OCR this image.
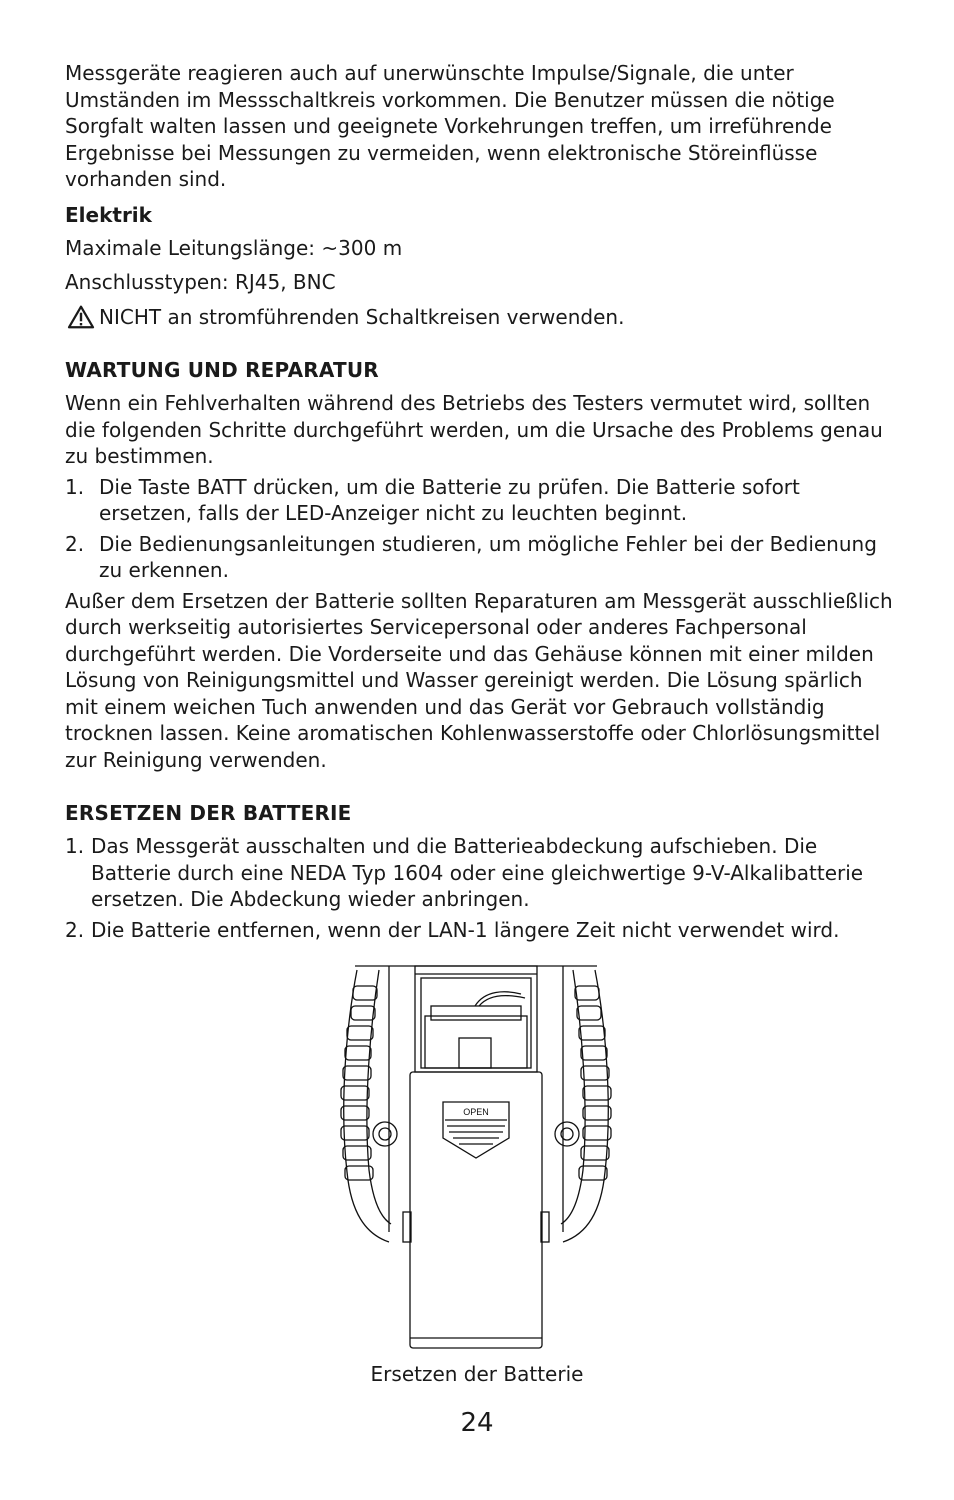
Messgeräte reagieren auch auf unerwünschte Impulse/Signale, die unter Umständen im Messschaltkreis vorkommen. Die Benutzer müssen die nötige Sorgfalt walten lassen und geeignete Vorkehrungen treffen, um irreführende Ergebnisse bei Messungen zu vermeiden, wenn elektronische Störeinflüsse vorhanden sind.

Elektrik

Maximale Leitungslänge: ~300 m

Anschlusstypen: RJ45, BNC

NICHT an stromführenden Schaltkreisen verwenden.

WARTUNG UND REPARATUR

Wenn ein Fehlverhalten während des Betriebs des Testers vermutet wird, sollten die folgenden Schritte durchgeführt werden, um die Ursache des Problems genau zu bestimmen.

1. Die Taste BATT drücken, um die Batterie zu prüfen. Die Batterie sofort ersetzen, falls der LED-Anzeiger nicht zu leuchten beginnt.
2. Die Bedienungsanleitungen studieren, um mögliche Fehler bei der Bedienung zu erkennen.

Außer dem Ersetzen der Batterie sollten Reparaturen am Messgerät ausschließlich durch werkseitig autorisiertes Servicepersonal oder anderes Fachpersonal durchgeführt werden. Die Vorderseite und das Gehäuse können mit einer milden Lösung von Reinigungsmittel und Wasser gereinigt werden. Die Lösung spärlich mit einem weichen Tuch anwenden und das Gerät vor Gebrauch vollständig trocknen lassen. Keine aromatischen Kohlenwasserstoffe oder Chlorlösungsmittel zur Reinigung verwenden.

ERSETZEN DER BATTERIE
1. Das Messgerät ausschalten und die Batterieabdeckung aufschieben. Die Batterie durch eine NEDA Typ 1604 oder eine gleichwertige 9-V-Alkalibatterie ersetzen. Die Abdeckung wieder anbringen.
2. Die Batterie entfernen, wenn der LAN-1 längere Zeit nicht verwendet wird.
OPEN
Ersetzen der Batterie
24
